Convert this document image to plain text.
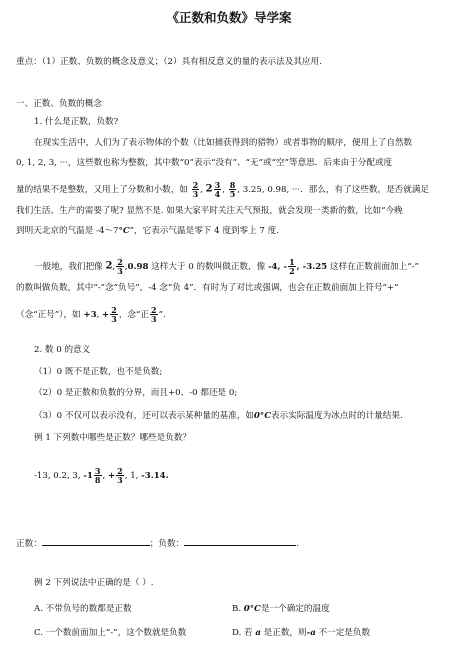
《正数和负数》导学案
重点：（1）正数、负数的概念及意义；（2）具有相反意义的量的表示法及其应用.
一、正数、负数的概念
1. 什么是正数，负数?
在现实生活中，人们为了表示物体的个数（比如捕获得到的猎物）或者事物的顺序，便用上了自然数
0, 1, 2, 3, ···，这些数也称为整数，其中数“0”表示“没有”、“无”或“空”等意思．后来由于分配或度
量的结果不是整数，又用上了分数和小数，如 $\frac{2}{3}$ , $2 \frac{3}{4}$ , $\frac{8}{5}$ , 3.25, 0.98, ···．那么，有了这些数，是否就满足
我们生活、生产的需要了呢? 显然不是. 如果大家平时关注天气预报，就会发现一类新的数，比如“今晚
到明天北京的气温是 -4～7°C”，它表示气温是零下 4 度到零上 7 度.
一般地，我们把像 2, $\frac{2}{3} ,0.98$ 这样大于 0 的数叫做正数，像 -4, - $\frac{1}{2}$ , -3.25 这样在正数前面加上“-”
的数叫做负数，其中“-”念“负号”，-4 念“负 4”．有时为了对比或强调，也会在正数前面加上符号“+”
（念“正号”），如 +3, + $\frac{2}{3}$ ，念“正 $\frac{2}{3}$ ”.
2. 数 0 的意义
（1）0 既不是正数，也不是负数;
（2）0 是正数和负数的分界，而且+0、-0 都还是 0;
（3）0 不仅可以表示没有，还可以表示某种量的基准，如0°C表示实际温度为冰点时的计量结果.
例 1 下列数中哪些是正数？哪些是负数？
-13, 0.2, 3, $-1 \frac{3}{8}$ , + $\frac{2}{3}$ , 1, -3.14.
正数：	；负数：	.
例 2 下列说法中正确的是（ ）.
A. 不带负号的数都是正数	B. 0°C是一个确定的温度
C. 一个数前面加上“-”，这个数就是负数	D. 若 a 是正数，则-a 不一定是负数
